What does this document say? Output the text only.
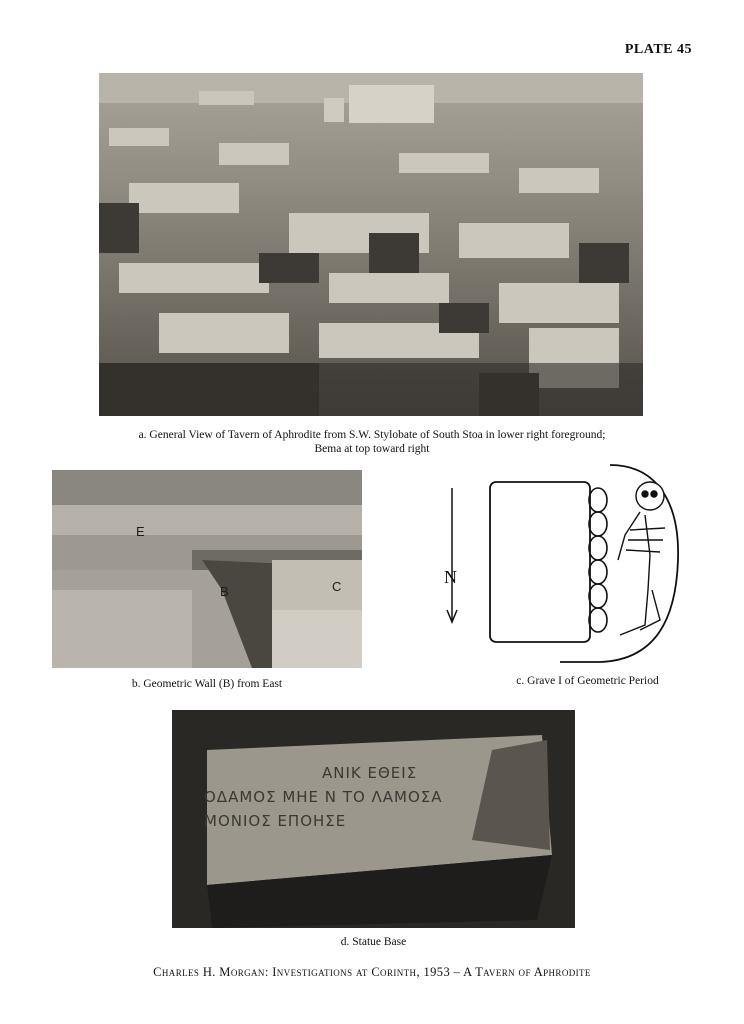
PLATE 45
a. General View of Tavern of Aphrodite from S.W. Stylobate of South Stoa in lower right foreground;
Bema at top toward right
E
B	C
b. Geometric Wall (B) from East
N
c. Grave I of Geometric Period
ΑΝΙΚ ΕΘΕΙΣ
ΟΔΑΜΟΣ ΜΗΕ Ν ΤΟ ΛΑΜΟΣΑ
ΜΟΝΙΟΣ ΕΠΟΗΣΕ
d. Statue Base
Charles H. Morgan: Investigations at Corinth, 1953 – A Tavern of Aphrodite
